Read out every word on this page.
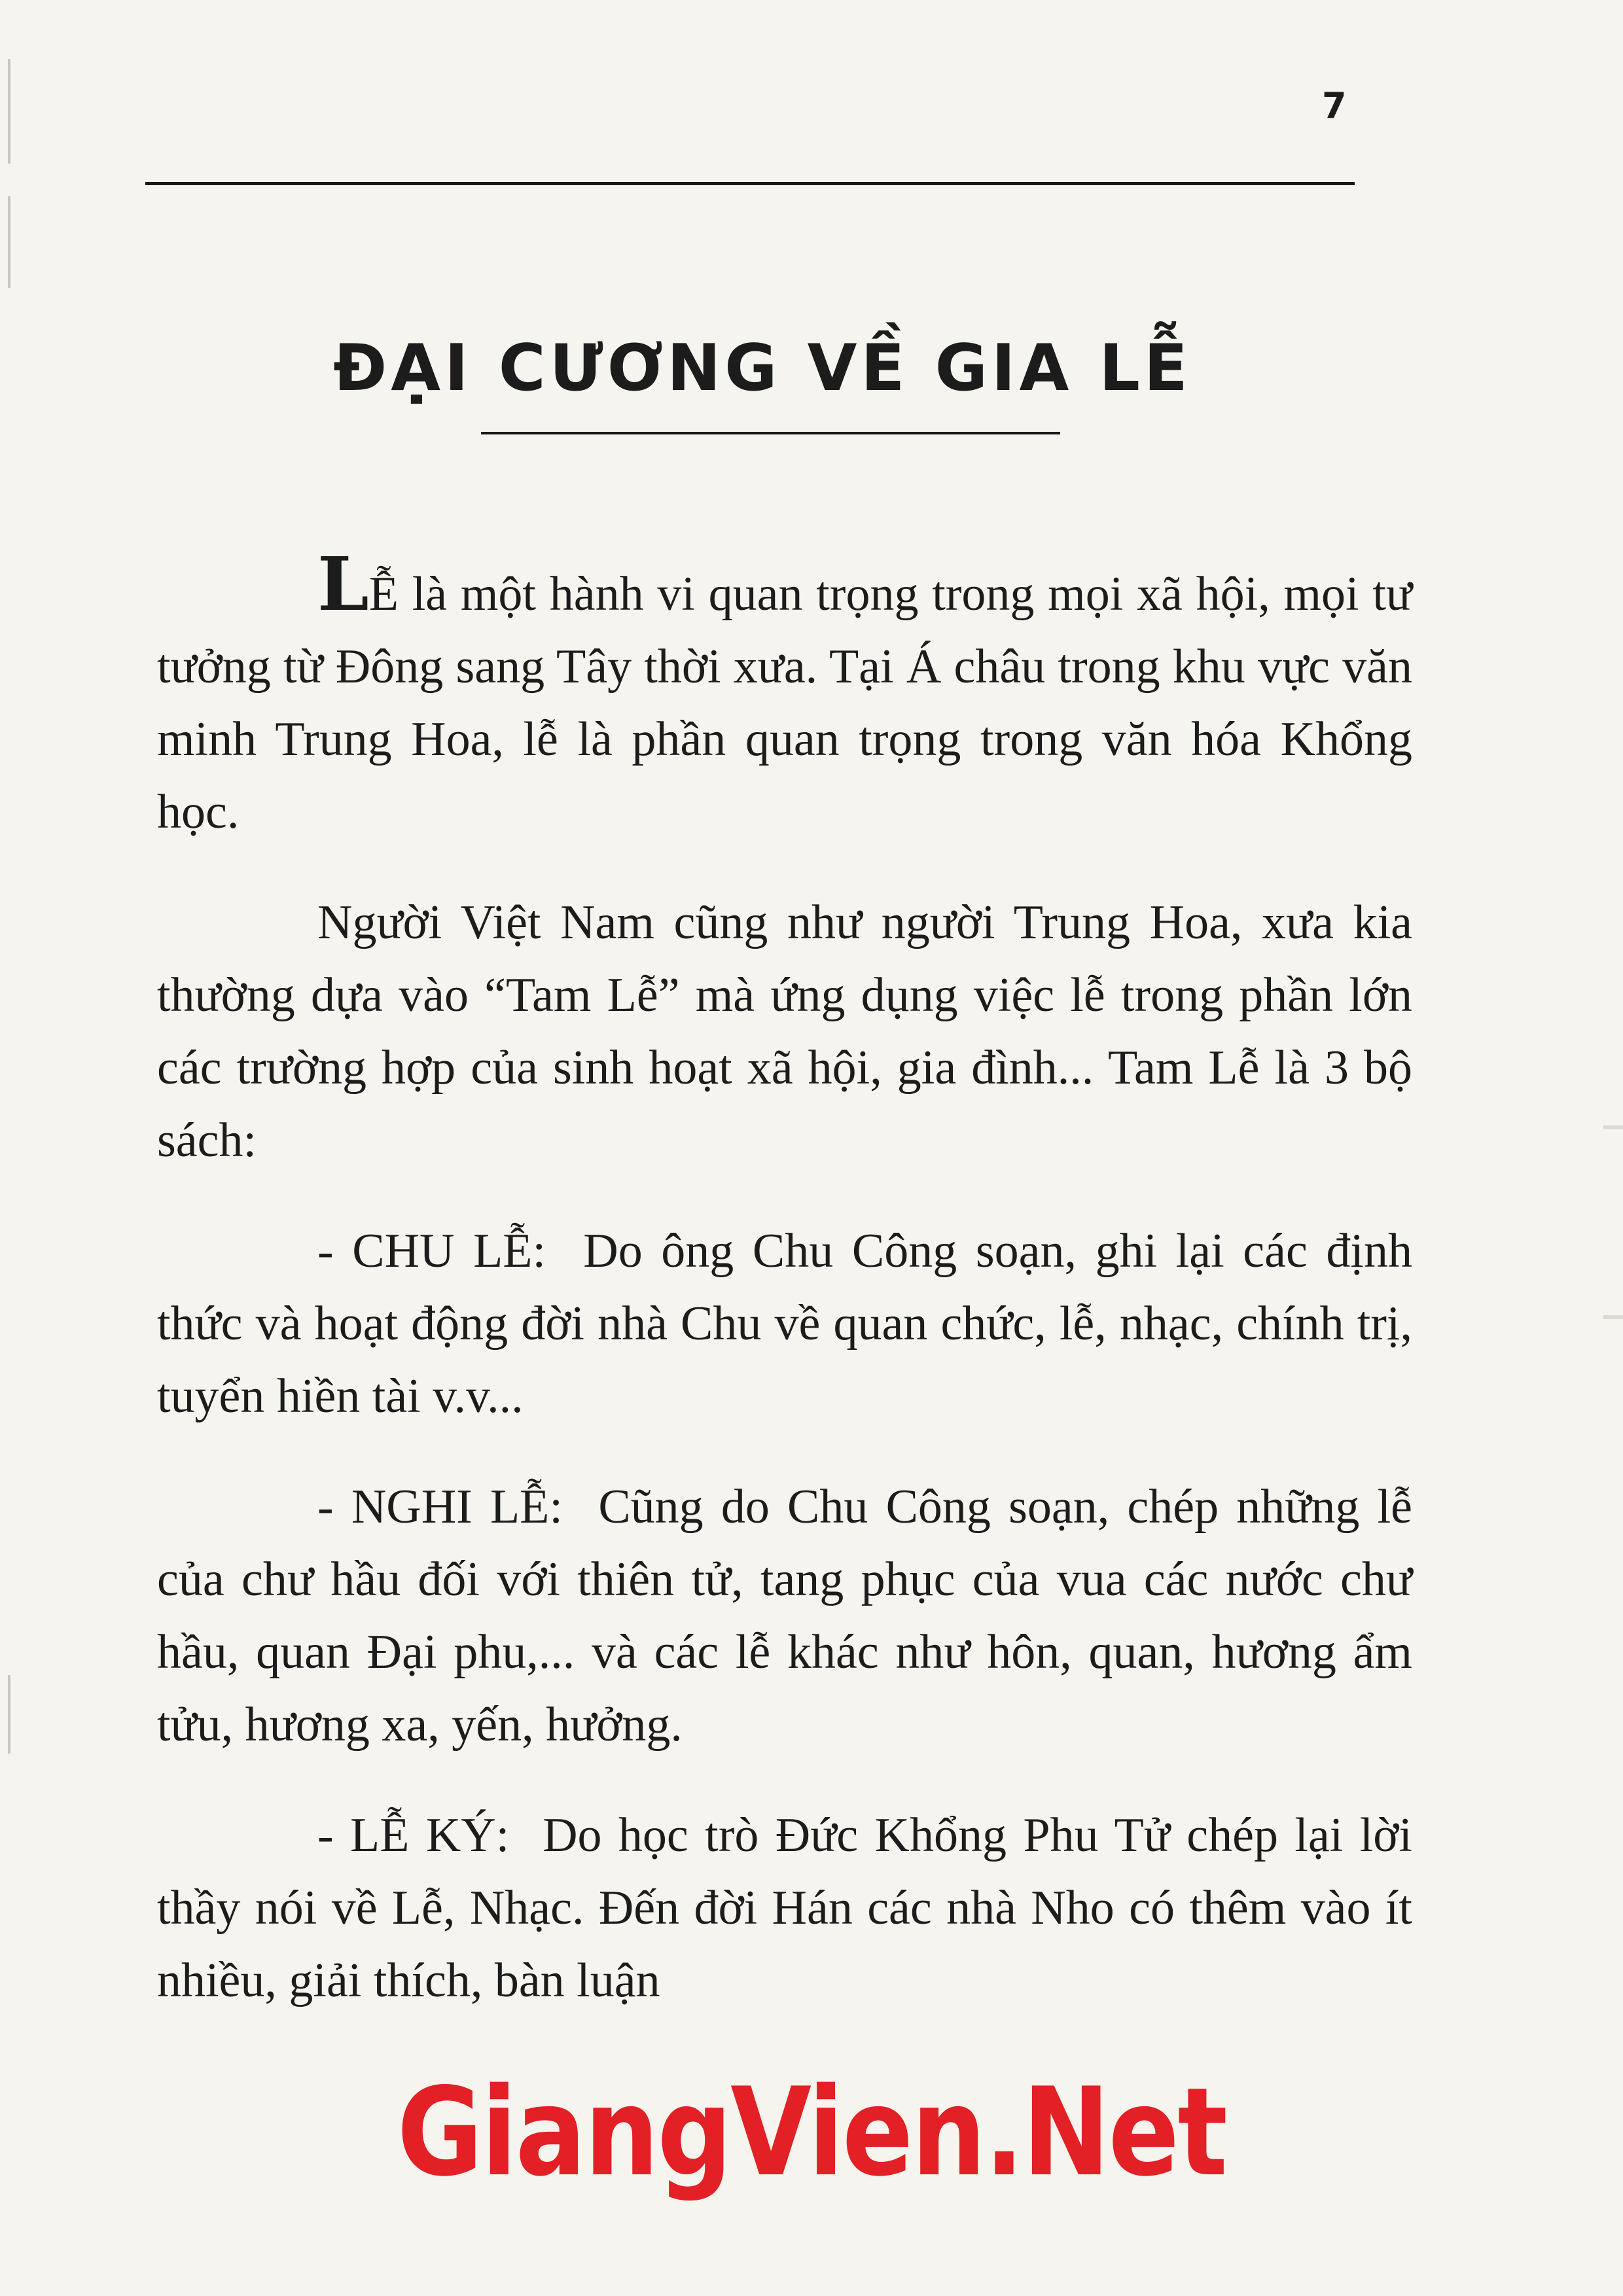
7
ĐẠI CƯƠNG VỀ GIA LỄ

LỄ là một hành vi quan trọng trong mọi xã hội, mọi tư tưởng từ Đông sang Tây thời xưa. Tại Á châu trong khu vực văn minh Trung Hoa, lễ là phần quan trọng trong văn hóa Khổng học.

Người Việt Nam cũng như người Trung Hoa, xưa kia thường dựa vào “Tam Lễ” mà ứng dụng việc lễ trong phần lớn các trường hợp của sinh hoạt xã hội, gia đình... Tam Lễ là 3 bộ sách:

- CHU LỄ: Do ông Chu Công soạn, ghi lại các định thức và hoạt động đời nhà Chu về quan chức, lễ, nhạc, chính trị, tuyển hiền tài v.v...

- NGHI LỄ: Cũng do Chu Công soạn, chép những lễ của chư hầu đối với thiên tử, tang phục của vua các nước chư hầu, quan Đại phu,... và các lễ khác như hôn, quan, hương ẩm tửu, hương xa, yến, hưởng.

- LỄ KÝ: Do học trò Đức Khổng Phu Tử chép lại lời thầy nói về Lễ, Nhạc. Đến đời Hán các nhà Nho có thêm vào ít nhiều, giải thích, bàn luận

GiangVien.Net
